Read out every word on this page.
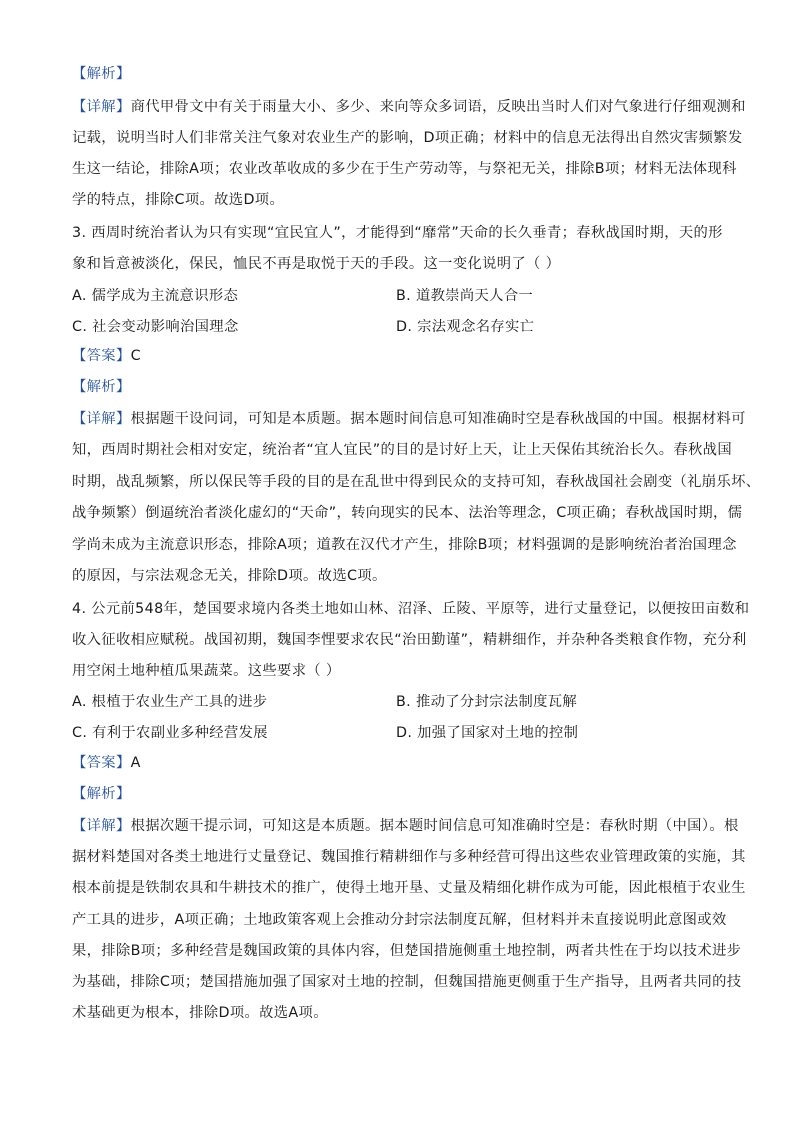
【解析】
【详解】商代甲骨文中有关于雨量大小、多少、来向等众多词语，反映出当时人们对气象进行仔细观测和
记载，说明当时人们非常关注气象对农业生产的影响，D项正确；材料中的信息无法得出自然灾害频繁发
生这一结论，排除A项；农业改革收成的多少在于生产劳动等，与祭祀无关，排除B项；材料无法体现科
学的特点，排除C项。故选D项。
3. 西周时统治者认为只有实现“宜民宜人”，才能得到“靡常”天命的长久垂青；春秋战国时期，天的形
象和旨意被淡化，保民，恤民不再是取悦于天的手段。这一变化说明了（ ）
A. 儒学成为主流意识形态	B. 道教崇尚天人合一
C. 社会变动影响治国理念	D. 宗法观念名存实亡
【答案】C
【解析】
【详解】根据题干设问词，可知是本质题。据本题时间信息可知准确时空是春秋战国的中国。根据材料可
知，西周时期社会相对安定，统治者“宜人宜民”的目的是讨好上天，让上天保佑其统治长久。春秋战国
时期，战乱频繁，所以保民等手段的目的是在乱世中得到民众的支持可知，春秋战国社会剧变（礼崩乐坏、
战争频繁）倒逼统治者淡化虚幻的“天命”，转向现实的民本、法治等理念，C项正确；春秋战国时期，儒
学尚未成为主流意识形态，排除A项；道教在汉代才产生，排除B项；材料强调的是影响统治者治国理念
的原因，与宗法观念无关，排除D项。故选C项。
4. 公元前548年，楚国要求境内各类土地如山林、沼泽、丘陵、平原等，进行丈量登记，以便按田亩数和
收入征收相应赋税。战国初期，魏国李悝要求农民“治田勤谨”，精耕细作，并杂种各类粮食作物，充分利
用空闲土地种植瓜果蔬菜。这些要求（ ）
A. 根植于农业生产工具的进步	B. 推动了分封宗法制度瓦解
C. 有利于农副业多种经营发展	D. 加强了国家对土地的控制
【答案】A
【解析】
【详解】根据次题干提示词，可知这是本质题。据本题时间信息可知准确时空是：春秋时期（中国）。根
据材料楚国对各类土地进行丈量登记、魏国推行精耕细作与多种经营可得出这些农业管理政策的实施，其
根本前提是铁制农具和牛耕技术的推广，使得土地开垦、丈量及精细化耕作成为可能，因此根植于农业生
产工具的进步，A项正确；土地政策客观上会推动分封宗法制度瓦解，但材料并未直接说明此意图或效
果，排除B项；多种经营是魏国政策的具体内容，但楚国措施侧重土地控制，两者共性在于均以技术进步
为基础，排除C项；楚国措施加强了国家对土地的控制，但魏国措施更侧重于生产指导，且两者共同的技
术基础更为根本，排除D项。故选A项。
